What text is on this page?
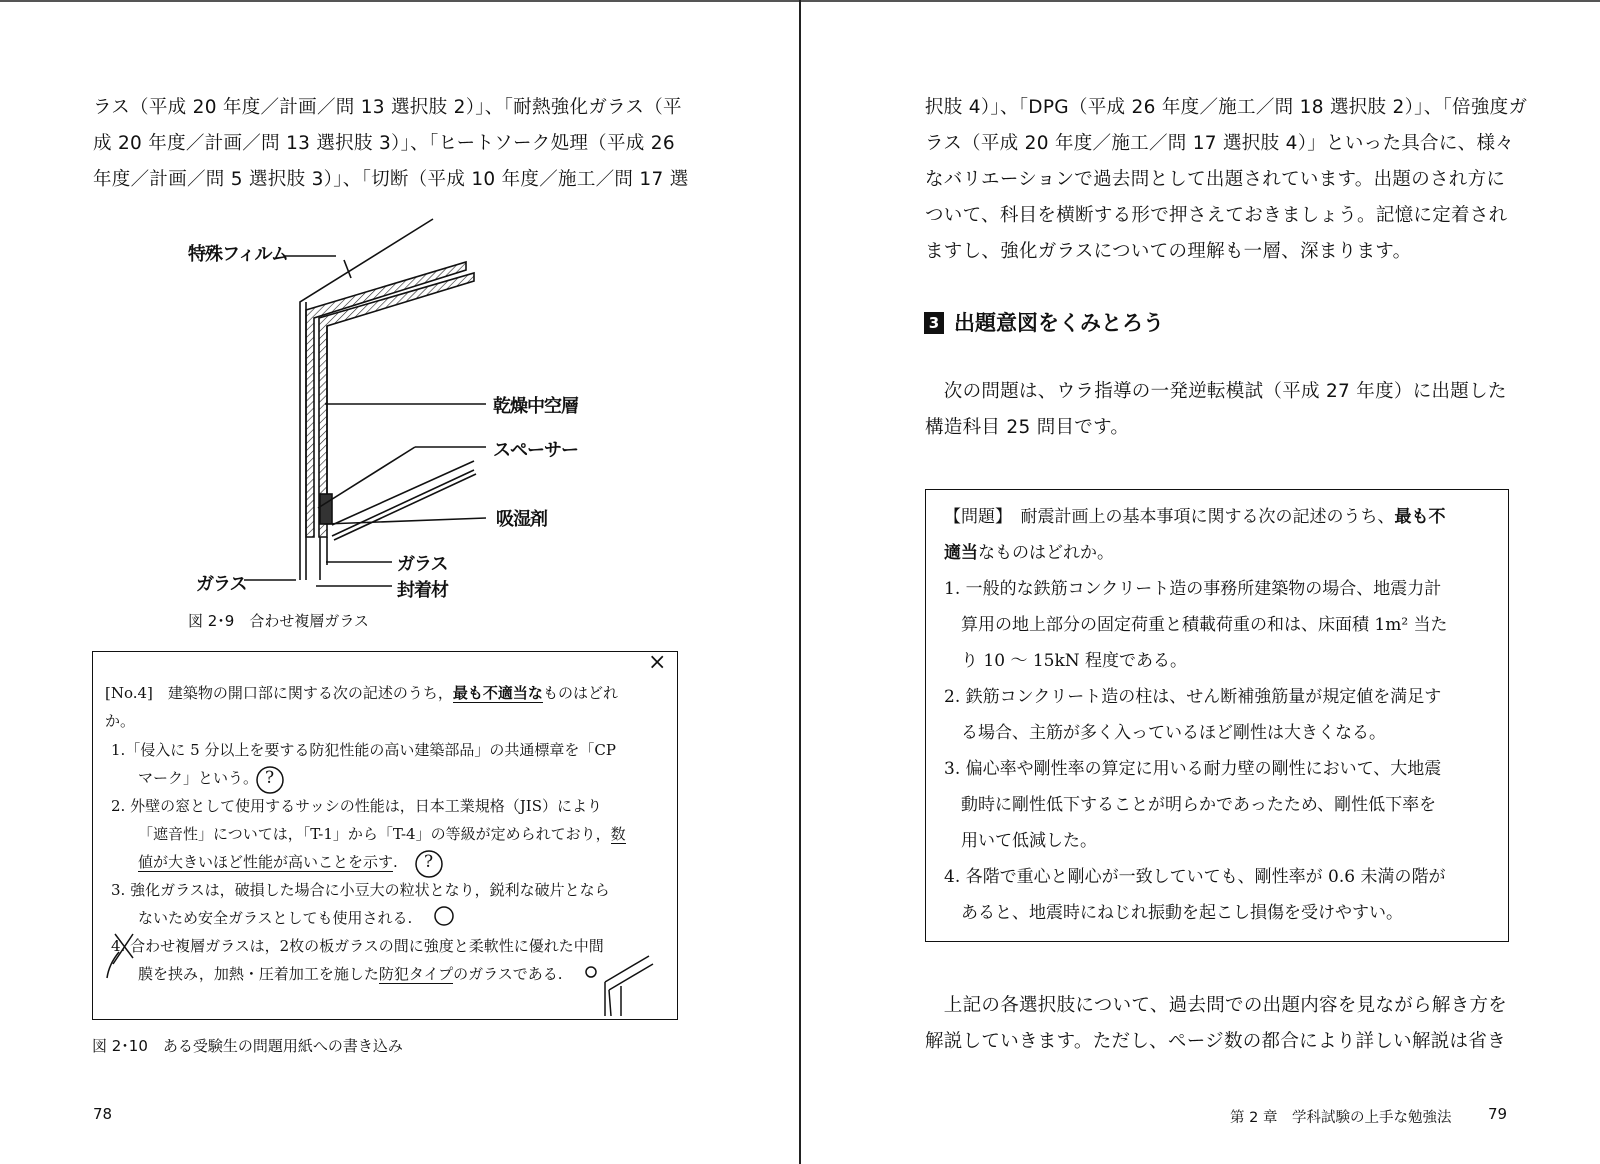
ラス（平成 20 年度／計画／問 13 選択肢 2）」、「耐熱強化ガラス（平
成 20 年度／計画／問 13 選択肢 3）」、「ヒートソーク処理（平成 26
年度／計画／問 5 選択肢 3）」、「切断（平成 10 年度／施工／問 17 選
特殊フィルム
乾燥中空層
スペーサー
吸湿剤
ガラス
ガラス	封着材
図 2･9　合わせ複層ガラス
×
[No.4]　建築物の開口部に関する次の記述のうち，最も不適当なものはどれ
か。
1.「侵入に 5 分以上を要する防犯性能の高い建築部品」の共通標章を「CP
マーク」という。
2. 外壁の窓として使用するサッシの性能は，日本工業規格（JIS）により
「遮音性」については，「T-1」から「T-4」の等級が定められており，数
値が大きいほど性能が高いことを示す.
3. 強化ガラスは，破損した場合に小豆大の粒状となり，鋭利な破片となら
ないため安全ガラスとしても使用される.
4. 合わせ複層ガラスは，2枚の板ガラスの間に強度と柔軟性に優れた中間
膜を挟み，加熱・圧着加工を施した防犯タイプのガラスである.
?
?
図 2･10　ある受験生の問題用紙への書き込み
78
択肢 4）」、「DPG（平成 26 年度／施工／問 18 選択肢 2）」、「倍強度ガ
ラス（平成 20 年度／施工／問 17 選択肢 4）」といった具合に、様々
なバリエーションで過去問として出題されています。出題のされ方に
ついて、科目を横断する形で押さえておきましょう。記憶に定着され
ますし、強化ガラスについての理解も一層、深まります。
3 出題意図をくみとろう
　次の問題は、ウラ指導の一発逆転模試（平成 27 年度）に出題した
構造科目 25 問目です。
【問題】　耐震計画上の基本事項に関する次の記述のうち、最も不
適当なものはどれか。
1. 一般的な鉄筋コンクリート造の事務所建築物の場合、地震力計
　算用の地上部分の固定荷重と積載荷重の和は、床面積 1m² 当た
　り 10 ～ 15kN 程度である。
2. 鉄筋コンクリート造の柱は、せん断補強筋量が規定値を満足す
　る場合、主筋が多く入っているほど剛性は大きくなる。
3. 偏心率や剛性率の算定に用いる耐力壁の剛性において、大地震
　動時に剛性低下することが明らかであったため、剛性低下率を
　用いて低減した。
4. 各階で重心と剛心が一致していても、剛性率が 0.6 未満の階が
　あると、地震時にねじれ振動を起こし損傷を受けやすい。
　上記の各選択肢について、過去問での出題内容を見ながら解き方を
解説していきます。ただし、ページ数の都合により詳しい解説は省き
第 2 章　学科試験の上手な勉強法 79
